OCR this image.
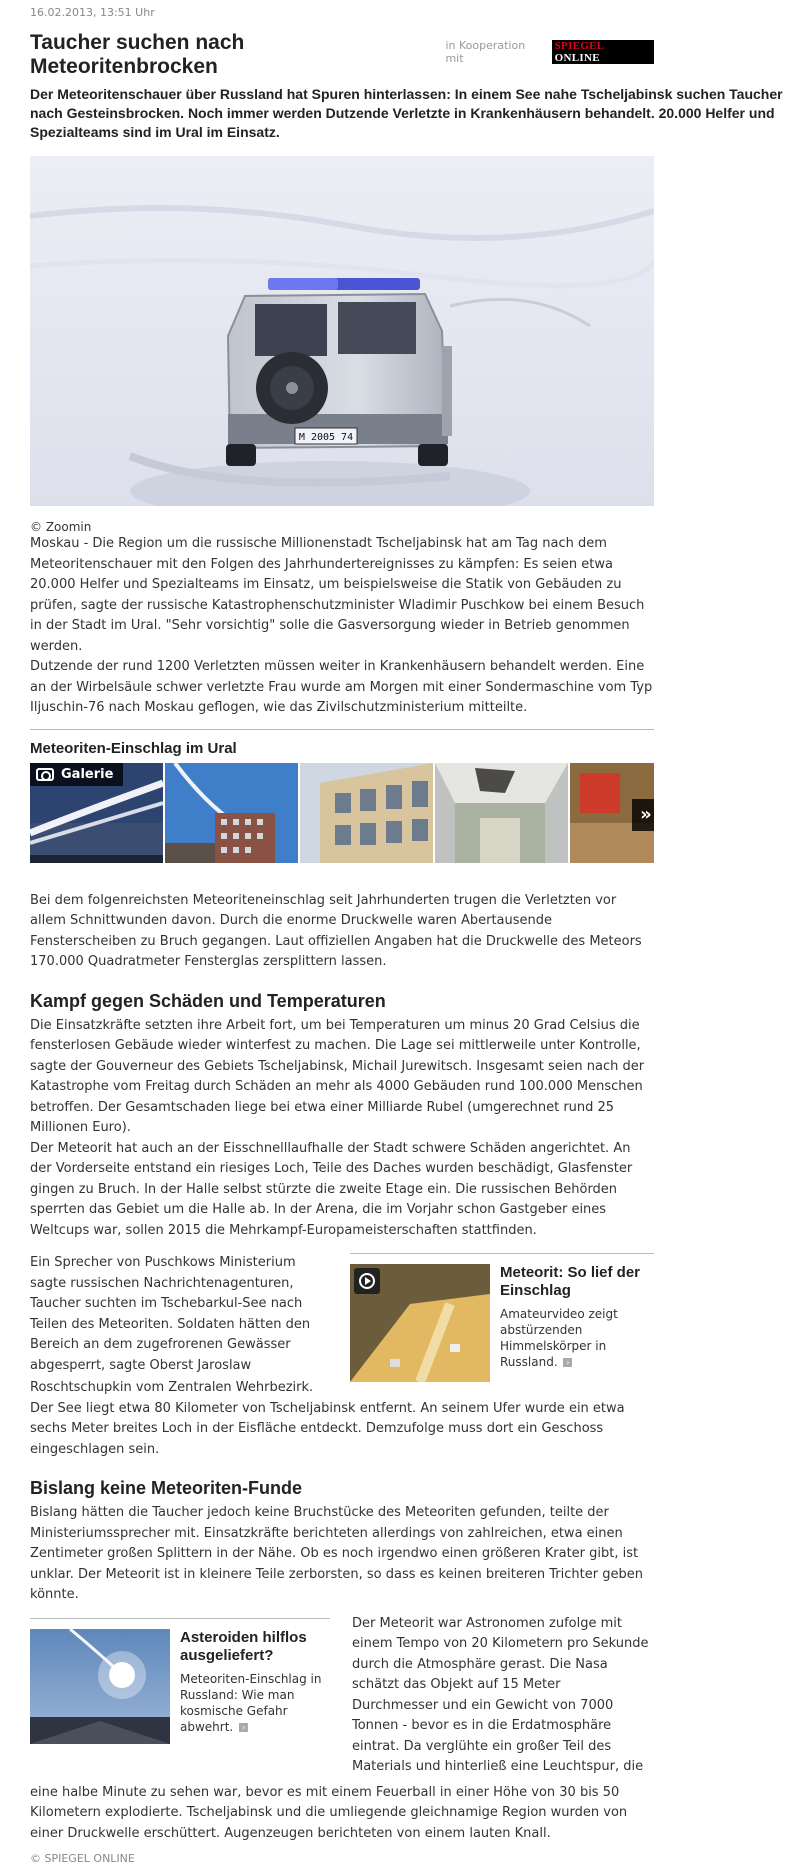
16.02.2013, 13:51 Uhr
Taucher suchen nach Meteoritenbrocken
in Kooperation mit
SPIEGEL ONLINE
Der Meteoritenschauer über Russland hat Spuren hinterlassen: In einem See nahe Tscheljabinsk suchen Taucher nach Gesteinsbrocken. Noch immer werden Dutzende Verletzte in Krankenhäusern behandelt. 20.000 Helfer und Spezialteams sind im Ural im Einsatz.
M 2005 74
© Zoomin

Moskau - Die Region um die russische Millionenstadt Tscheljabinsk hat am Tag nach dem Meteoritenschauer mit den Folgen des Jahrhundertereignisses zu kämpfen: Es seien etwa 20.000 Helfer und Spezialteams im Einsatz, um beispielsweise die Statik von Gebäuden zu prüfen, sagte der russische Katastrophenschutzminister Wladimir Puschkow bei einem Besuch in der Stadt im Ural. "Sehr vorsichtig" solle die Gasversorgung wieder in Betrieb genommen werden.

Dutzende der rund 1200 Verletzten müssen weiter in Krankenhäusern behandelt werden. Eine an der Wirbelsäule schwer verletzte Frau wurde am Morgen mit einer Sondermaschine vom Typ Iljuschin-76 nach Moskau geflogen, wie das Zivilschutzministerium mitteilte.

Meteoriten-Einschlag im Ural
Galerie
»

Bei dem folgenreichsten Meteoriteneinschlag seit Jahrhunderten trugen die Verletzten vor allem Schnittwunden davon. Durch die enorme Druckwelle waren Abertausende Fensterscheiben zu Bruch gegangen. Laut offiziellen Angaben hat die Druckwelle des Meteors 170.000 Quadratmeter Fensterglas zersplittern lassen.

Kampf gegen Schäden und Temperaturen

Die Einsatzkräfte setzten ihre Arbeit fort, um bei Temperaturen um minus 20 Grad Celsius die fensterlosen Gebäude wieder winterfest zu machen. Die Lage sei mittlerweile unter Kontrolle, sagte der Gouverneur des Gebiets Tscheljabinsk, Michail Jurewitsch. Insgesamt seien nach der Katastrophe vom Freitag durch Schäden an mehr als 4000 Gebäuden rund 100.000 Menschen betroffen. Der Gesamtschaden liege bei etwa einer Milliarde Rubel (umgerechnet rund 25 Millionen Euro).

Der Meteorit hat auch an der Eisschnelllaufhalle der Stadt schwere Schäden angerichtet. An der Vorderseite entstand ein riesiges Loch, Teile des Daches wurden beschädigt, Glasfenster gingen zu Bruch. In der Halle selbst stürzte die zweite Etage ein. Die russischen Behörden sperrten das Gebiet um die Halle ab. In der Arena, die im Vorjahr schon Gastgeber eines Weltcups war, sollen 2015 die Mehrkampf-Europameisterschaften stattfinden.

Ein Sprecher von Puschkows Ministerium

sagte russischen Nachrichtenagenturen,

Taucher suchten im Tschebarkul-See nach

Teilen des Meteoriten. Soldaten hätten den

Bereich an dem zugefrorenen Gewässer

abgesperrt, sagte Oberst Jaroslaw

Meteorit: So lief der Einschlag
Amateurvideo zeigt abstürzenden Himmelskörper in Russland. ›

Roschtschupkin vom Zentralen Wehrbezirk.

Der See liegt etwa 80 Kilometer von Tscheljabinsk entfernt. An seinem Ufer wurde ein etwa sechs Meter breites Loch in der Eisfläche entdeckt. Demzufolge muss dort ein Geschoss eingeschlagen sein.

Bislang keine Meteoriten-Funde

Bislang hätten die Taucher jedoch keine Bruchstücke des Meteoriten gefunden, teilte der Ministeriumssprecher mit. Einsatzkräfte berichteten allerdings von zahlreichen, etwa einen Zentimeter großen Splittern in der Nähe. Ob es noch irgendwo einen größeren Krater gibt, ist unklar. Der Meteorit ist in kleinere Teile zerborsten, so dass es keinen breiteren Trichter geben könnte.

Asteroiden hilflos ausgeliefert?
Meteoriten-Einschlag in Russland: Wie man kosmische Gefahr abwehrt. ›

Der Meteorit war Astronomen zufolge mit

einem Tempo von 20 Kilometern pro Sekunde

durch die Atmosphäre gerast. Die Nasa

schätzt das Objekt auf 15 Meter

Durchmesser und ein Gewicht von 7000

Tonnen - bevor es in die Erdatmosphäre

eintrat. Da verglühte ein großer Teil des

Materials und hinterließ eine Leuchtspur, die

eine halbe Minute zu sehen war, bevor es mit einem Feuerball in einer Höhe von 30 bis 50 Kilometern explodierte. Tscheljabinsk und die umliegende gleichnamige Region wurden von einer Druckwelle erschüttert. Augenzeugen berichteten von einem lauten Knall.

© SPIEGEL ONLINE
